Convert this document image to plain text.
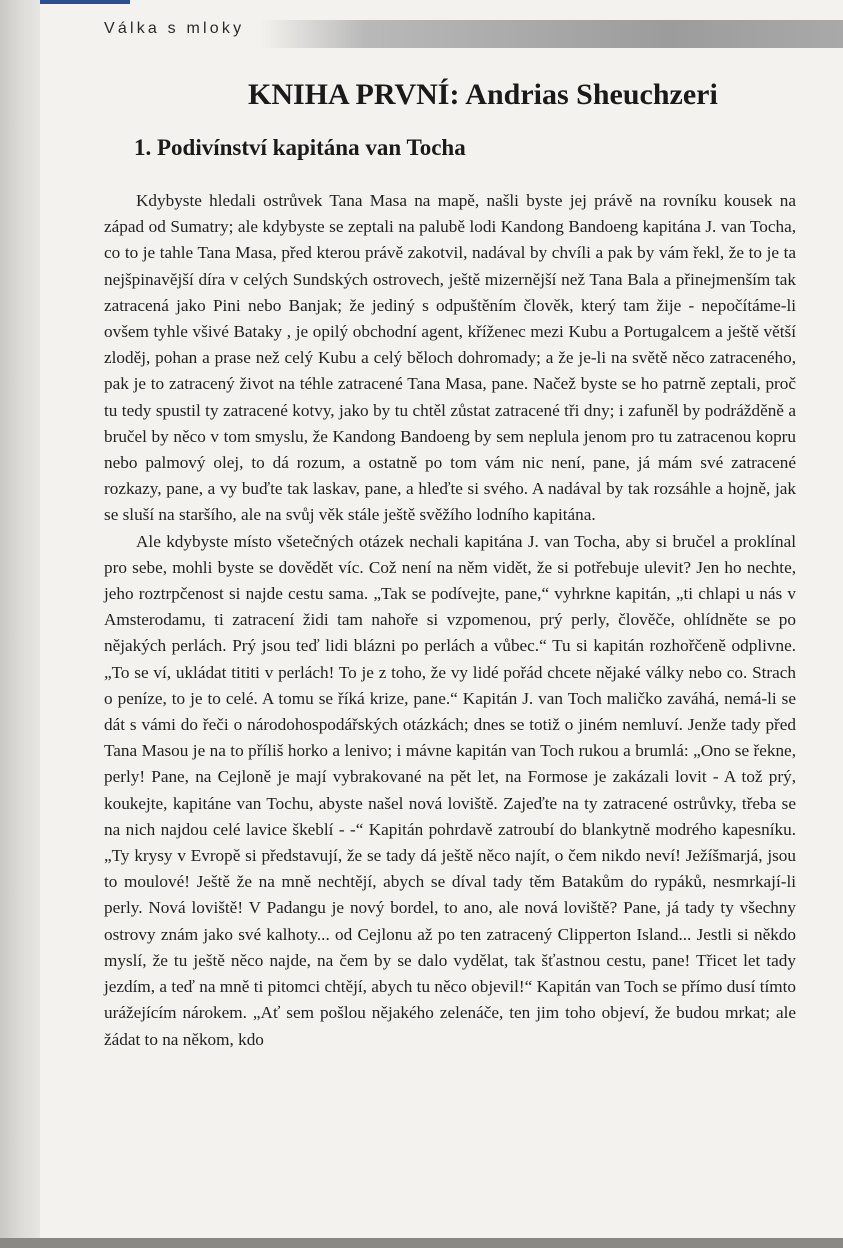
Válka s mloky
KNIHA PRVNÍ: Andrias Sheuchzeri
1. Podivínství kapitána van Tocha

Kdybyste hledali ostrůvek Tana Masa na mapě, našli byste jej právě na rovníku kousek na západ od Sumatry; ale kdybyste se zeptali na palubě lodi Kandong Bandoeng kapitána J. van Tocha, co to je tahle Tana Masa, před kterou právě zakotvil, nadával by chvíli a pak by vám řekl, že to je ta nejšpinavější díra v celých Sundských ostrovech, ještě mizernější než Tana Bala a přinejmenším tak zatracená jako Pini nebo Banjak; že jediný s odpuštěním člověk, který tam žije - nepočítáme-li ovšem tyhle všivé Bataky , je opilý obchodní agent, kříženec mezi Kubu a Portugalcem a ještě větší zloděj, pohan a prase než celý Kubu a celý běloch dohromady; a že je-li na světě něco zatraceného, pak je to zatracený život na téhle zatracené Tana Masa, pane. Načež byste se ho patrně zeptali, proč tu tedy spustil ty zatracené kotvy, jako by tu chtěl zůstat zatracené tři dny; i zafuněl by podrážděně a bručel by něco v tom smyslu, že Kandong Bandoeng by sem neplula jenom pro tu zatracenou kopru nebo palmový olej, to dá rozum, a ostatně po tom vám nic není, pane, já mám své zatracené rozkazy, pane, a vy buďte tak laskav, pane, a hleďte si svého. A nadával by tak rozsáhle a hojně, jak se sluší na staršího, ale na svůj věk stále ještě svěžího lodního kapitána.

Ale kdybyste místo všetečných otázek nechali kapitána J. van Tocha, aby si bručel a proklínal pro sebe, mohli byste se dovědět víc. Což není na něm vidět, že si potřebuje ulevit? Jen ho nechte, jeho roztrpčenost si najde cestu sama. „Tak se podívejte, pane,“ vyhrkne kapitán, „ti chlapi u nás v Amsterodamu, ti zatracení židi tam nahoře si vzpomenou, prý perly, člověče, ohlídněte se po nějakých perlách. Prý jsou teď lidi blázni po perlách a vůbec.“ Tu si kapitán rozhořčeně odplivne. „To se ví, ukládat tititi v perlách! To je z toho, že vy lidé pořád chcete nějaké války nebo co. Strach o peníze, to je to celé. A tomu se říká krize, pane.“ Kapitán J. van Toch maličko zaváhá, nemá-li se dát s vámi do řeči o národohospodářských otázkách; dnes se totiž o jiném nemluví. Jenže tady před Tana Masou je na to příliš horko a lenivo; i mávne kapitán van Toch rukou a brumlá: „Ono se řekne, perly! Pane, na Cejloně je mají vybrakované na pět let, na Formose je zakázali lovit - A tož prý, koukejte, kapitáne van Tochu, abyste našel nová loviště. Zajeďte na ty zatracené ostrůvky, třeba se na nich najdou celé lavice škeblí - -“ Kapitán pohrdavě zatroubí do blankytně modrého kapesníku. „Ty krysy v Evropě si představují, že se tady dá ještě něco najít, o čem nikdo neví! Ježíšmarjá, jsou to moulové! Ještě že na mně nechtějí, abych se díval tady těm Batakům do rypáků, nesmrkají-li perly. Nová loviště! V Padangu je nový bordel, to ano, ale nová loviště? Pane, já tady ty všechny ostrovy znám jako své kalhoty... od Cejlonu až po ten zatracený Clipperton Island... Jestli si někdo myslí, že tu ještě něco najde, na čem by se dalo vydělat, tak šťastnou cestu, pane! Třicet let tady jezdím, a teď na mně ti pitomci chtějí, abych tu něco objevil!“ Kapitán van Toch se přímo dusí tímto urážejícím nárokem. „Ať sem pošlou nějakého zelenáče, ten jim toho objeví, že budou mrkat; ale žádat to na někom, kdo
